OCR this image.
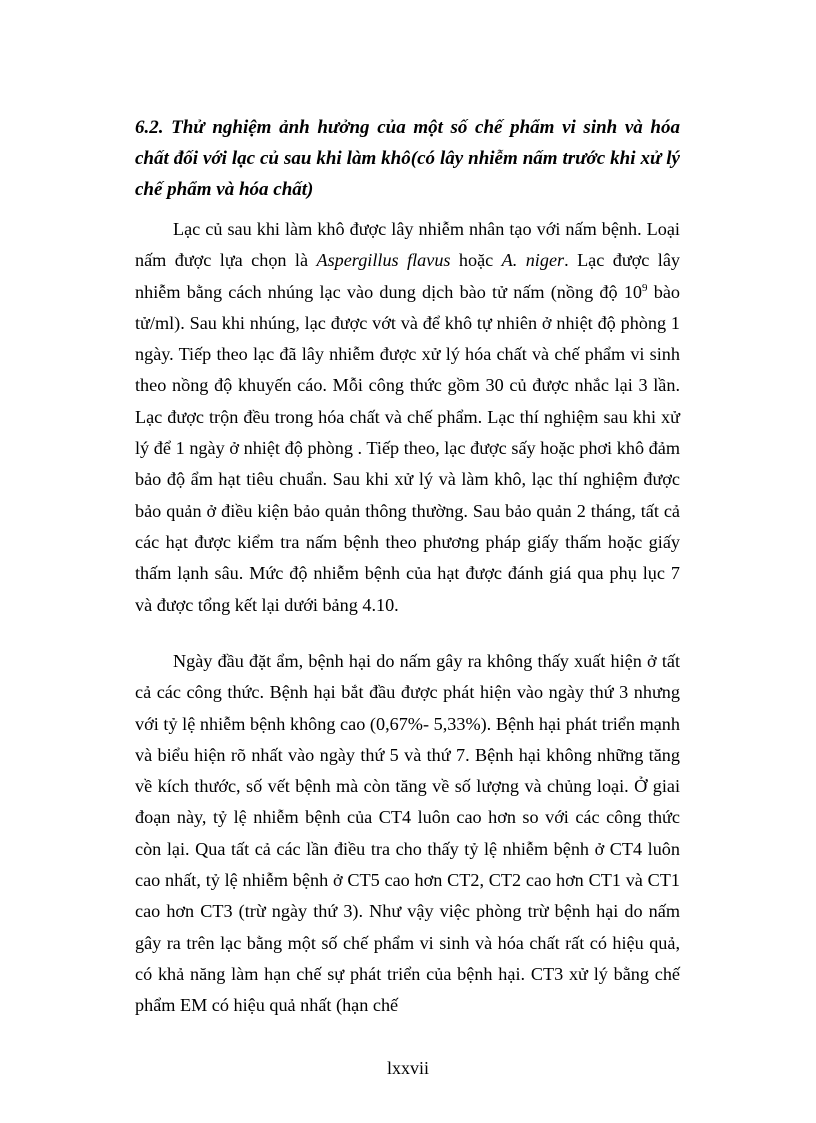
6.2. Thử nghiệm ảnh hưởng của một số chế phẩm vi sinh và hóa chất đối với lạc củ sau khi làm khô(có lây nhiễm nấm trước khi xử lý chế phẩm và hóa chất)

Lạc củ sau khi làm khô được lây nhiễm nhân tạo với nấm bệnh. Loại nấm được lựa chọn là Aspergillus flavus hoặc A. niger. Lạc được lây nhiễm bằng cách nhúng lạc vào dung dịch bào tử nấm (nồng độ $10^9$ bào tử/ml). Sau khi nhúng, lạc được vớt và để khô tự nhiên ở nhiệt độ phòng 1 ngày. Tiếp theo lạc đã lây nhiễm được xử lý hóa chất và chế phẩm vi sinh theo nồng độ khuyến cáo. Mỗi công thức gồm 30 củ được nhắc lại 3 lần. Lạc được trộn đều trong hóa chất và chế phẩm. Lạc thí nghiệm sau khi xử lý để 1 ngày ở nhiệt độ phòng . Tiếp theo, lạc được sấy hoặc phơi khô đảm bảo độ ẩm hạt tiêu chuẩn. Sau khi xử lý và làm khô, lạc thí nghiệm được bảo quản ở điều kiện bảo quản thông thường. Sau bảo quản 2 tháng, tất cả các hạt được kiểm tra nấm bệnh theo phương pháp giấy thấm hoặc giấy thấm lạnh sâu. Mức độ nhiễm bệnh của hạt được đánh giá qua phụ lục 7 và được tổng kết lại dưới bảng 4.10.

Ngày đầu đặt ẩm, bệnh hại do nấm gây ra không thấy xuất hiện ở tất cả các công thức. Bệnh hại bắt đầu được phát hiện vào ngày thứ 3 nhưng với tỷ lệ nhiễm bệnh không cao (0,67%- 5,33%). Bệnh hại phát triển mạnh và biểu hiện rõ nhất vào ngày thứ 5 và thứ 7. Bệnh hại không những tăng về kích thước, số vết bệnh mà còn tăng về số lượng và chủng loại. Ở giai đoạn này, tỷ lệ nhiễm bệnh của CT4 luôn cao hơn so với các công thức còn lại. Qua tất cả các lần điều tra cho thấy tỷ lệ nhiễm bệnh ở CT4 luôn cao nhất, tỷ lệ nhiễm bệnh ở CT5 cao hơn CT2, CT2 cao hơn CT1 và CT1 cao hơn CT3 (trừ ngày thứ 3). Như vậy việc phòng trừ bệnh hại do nấm gây ra trên lạc bằng một số chế phẩm vi sinh và hóa chất rất có hiệu quả, có khả năng làm hạn chế sự phát triển của bệnh hại. CT3 xử lý bằng chế phẩm EM có hiệu quả nhất (hạn chế

lxxvii
